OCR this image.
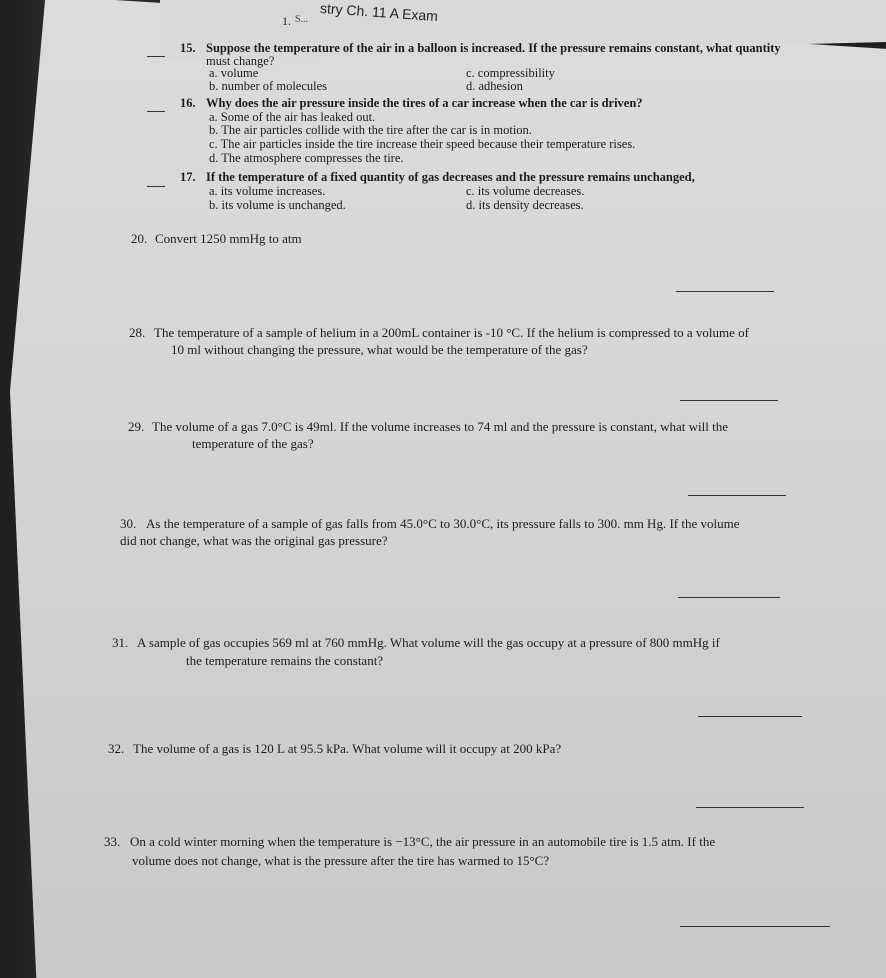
stry Ch. 11 A Exam
1. S...
15. Suppose the temperature of the air in a balloon is increased. If the pressure remains constant, what quantity
must change?
a. volume
b. number of molecules
c. compressibility
d. adhesion
16. Why does the air pressure inside the tires of a car increase when the car is driven?
a. Some of the air has leaked out.
b. The air particles collide with the tire after the car is in motion.
c. The air particles inside the tire increase their speed because their temperature rises.
d. The atmosphere compresses the tire.
17. If the temperature of a fixed quantity of gas decreases and the pressure remains unchanged,
a. its volume increases.
b. its volume is unchanged.
c. its volume decreases.
d. its density decreases.
20. Convert 1250 mmHg to atm
28. The temperature of a sample of helium in a 200mL container is -10 °C. If the helium is compressed to a volume of
10 ml without changing the pressure, what would be the temperature of the gas?
29. The volume of a gas 7.0°C is 49ml. If the volume increases to 74 ml and the pressure is constant, what will the
temperature of the gas?
30. As the temperature of a sample of gas falls from 45.0°C to 30.0°C, its pressure falls to 300. mm Hg. If the volume
did not change, what was the original gas pressure?
31. A sample of gas occupies 569 ml at 760 mmHg. What volume will the gas occupy at a pressure of 800 mmHg if
the temperature remains the constant?
32. The volume of a gas is 120 L at 95.5 kPa. What volume will it occupy at 200 kPa?
33. On a cold winter morning when the temperature is −13°C, the air pressure in an automobile tire is 1.5 atm. If the
volume does not change, what is the pressure after the tire has warmed to 15°C?
